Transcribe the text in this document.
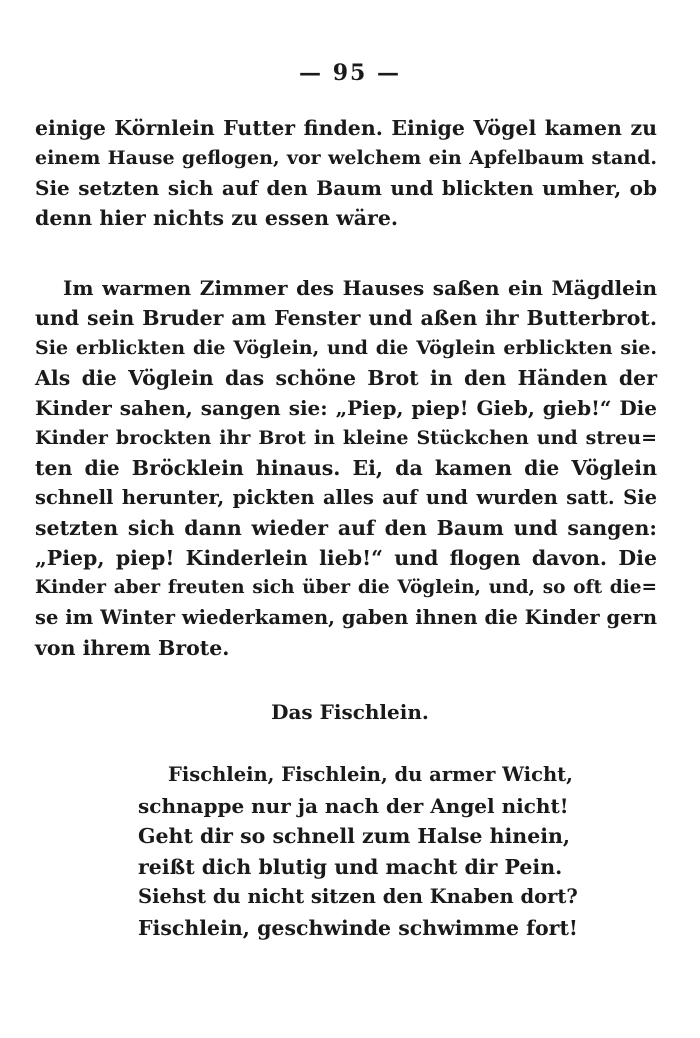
— 95 —
einige Körnlein Futter finden. Einige Vögel kamen zu
einem Hause geflogen, vor welchem ein Apfelbaum stand.
Sie setzten sich auf den Baum und blickten umher, ob
denn hier nichts zu essen wäre.
Im warmen Zimmer des Hauses saßen ein Mägdlein
und sein Bruder am Fenster und aßen ihr Butterbrot.
Sie erblickten die Vöglein, und die Vöglein erblickten sie.
Als die Vöglein das schöne Brot in den Händen der
Kinder sahen, sangen sie: „Piep, piep! Gieb, gieb!“ Die
Kinder brockten ihr Brot in kleine Stückchen und streu=
ten die Bröcklein hinaus. Ei, da kamen die Vöglein
schnell herunter, pickten alles auf und wurden satt. Sie
setzten sich dann wieder auf den Baum und sangen:
„Piep, piep! Kinderlein lieb!“ und flogen davon. Die
Kinder aber freuten sich über die Vöglein, und, so oft die=
se im Winter wiederkamen, gaben ihnen die Kinder gern
von ihrem Brote.
Das Fischlein.
Fischlein, Fischlein, du armer Wicht,
schnappe nur ja nach der Angel nicht!
Geht dir so schnell zum Halse hinein,
reißt dich blutig und macht dir Pein.
Siehst du nicht sitzen den Knaben dort?
Fischlein, geschwinde schwimme fort!
